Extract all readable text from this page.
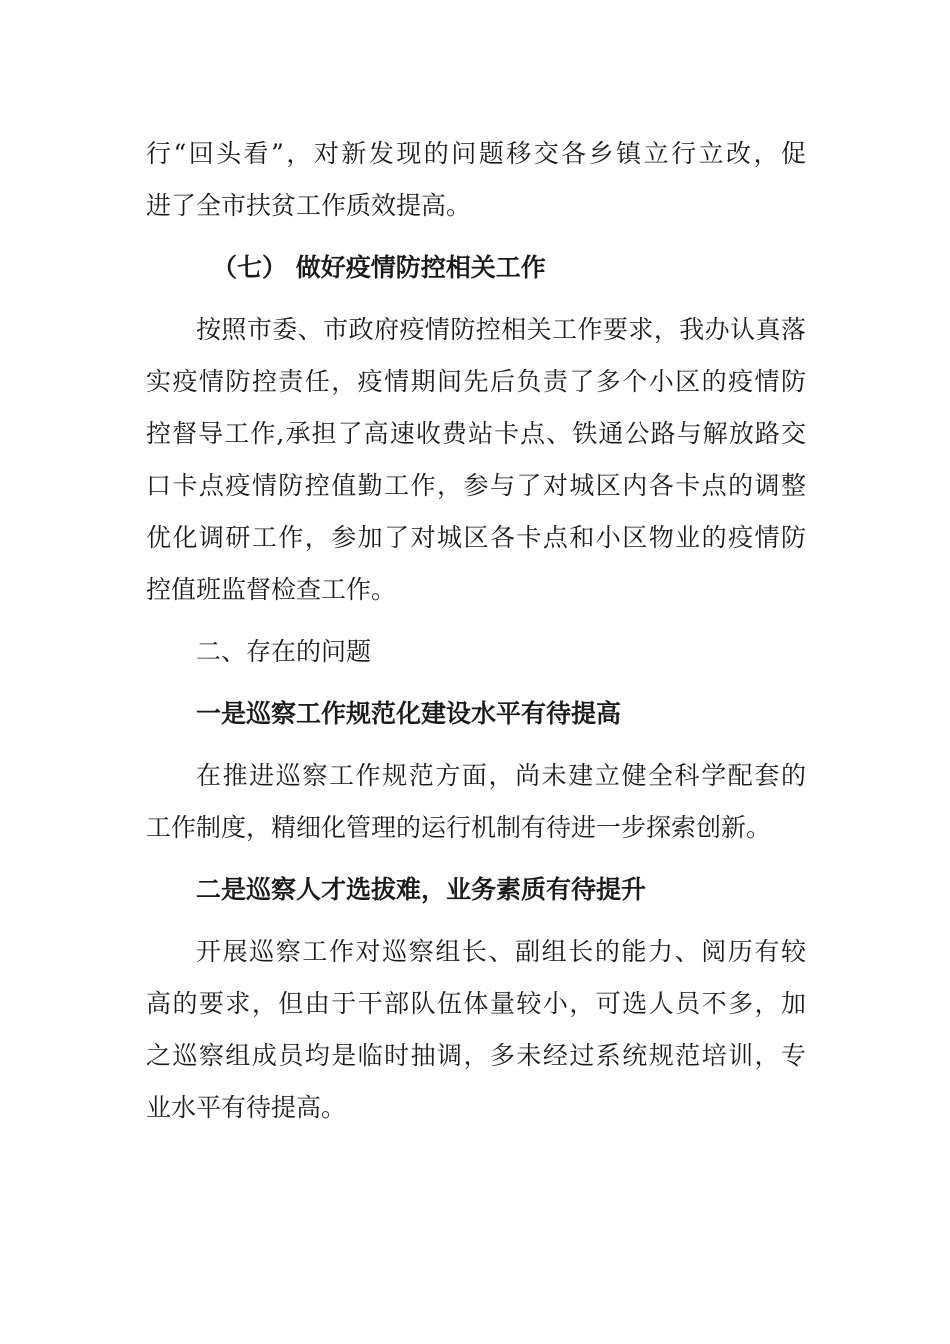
行“回头看”，对新发现的问题移交各乡镇立行立改，促
进了全市扶贫工作质效提高。
（七） 做好疫情防控相关工作
按照市委、市政府疫情防控相关工作要求，我办认真落
实疫情防控责任，疫情期间先后负责了多个小区的疫情防
控督导工作,承担了高速收费站卡点、铁通公路与解放路交
口卡点疫情防控值勤工作，参与了对城区内各卡点的调整
优化调研工作，参加了对城区各卡点和小区物业的疫情防
控值班监督检查工作。
二、存在的问题
一是巡察工作规范化建设水平有待提高
在推进巡察工作规范方面，尚未建立健全科学配套的
工作制度，精细化管理的运行机制有待进一步探索创新。
二是巡察人才选拔难，业务素质有待提升
开展巡察工作对巡察组长、副组长的能力、阅历有较
高的要求，但由于干部队伍体量较小，可选人员不多，加
之巡察组成员均是临时抽调，多未经过系统规范培训，专
业水平有待提高。
